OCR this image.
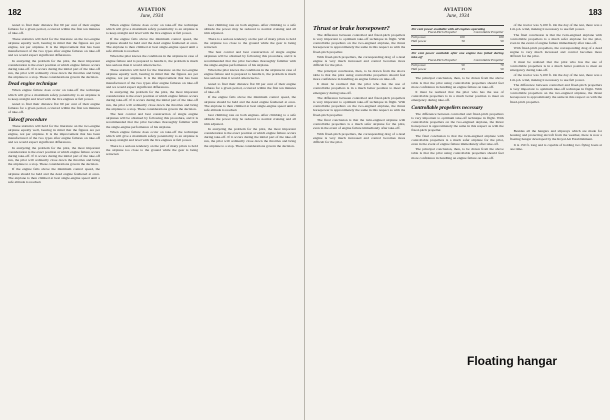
182	AVIATION
June, 1934

tested to find their distance flat 90 per cent of their engine failures for a given period, occurred within the first ten minutes of take-off.

These statistics will hold for the literature on the two-engine airplane equally well, bearing in mind that the figures are per engine, not per airplane. It is the improvement that has been manufactured of the two types after engine failures on take-off and we would expect significant differences.

In analyzing the problem for the pilot, the most important consideration is the exact position at which engine failure occurs during take-off. If it occurs during the initial part of the take-off run, the pilot will ordinarily close down the throttles and bring the airplane to a stop. These considerations govern the decision.

Dead engine technique

When engine failure does occur on take-off the technique which will give a maximum safety potentiality to an airplane is to keep straight and level with the live engines at full power.

tested to find their distance flat 90 per cent of their engine failures for a given period, occurred within the first ten minutes of take-off.

Takeoff procedure

These statistics will hold for the literature on the two-engine airplane equally well, bearing in mind that the figures are per engine, not per airplane. It is the improvement that has been manufactured of the two types after engine failures on take-off and we would expect significant differences.

In analyzing the problem for the pilot, the most important consideration is the exact position at which engine failure occurs during take-off. If it occurs during the initial part of the take-off run, the pilot will ordinarily close down the throttles and bring the airplane to a stop. These considerations govern the decision.

If the engine fails above the minimum control speed, the airplane should be held and the dead engine feathered at once. The airplane is then climbed at best single-engine speed until a safe altitude is reached.

When engine failure does occur on take-off the technique which will give a maximum safety potentiality to an airplane is to keep straight and level with the live engines at full power.

If the engine fails above the minimum control speed, the airplane should be held and the dead engine feathered at once. The airplane is then climbed at best single-engine speed until a safe altitude is reached.

When the pilot knows the conditions in the airplane in case of engine failure and is prepared to handle it, the problem is much less serious than it would otherwise be.

These statistics will hold for the literature on the two-engine airplane equally well, bearing in mind that the figures are per engine, not per airplane. It is the improvement that has been manufactured of the two types after engine failures on take-off and we would expect significant differences.

In analyzing the problem for the pilot, the most important consideration is the exact position at which engine failure occurs during take-off. If it occurs during the initial part of the take-off run, the pilot will ordinarily close down the throttles and bring the airplane to a stop. These considerations govern the decision.

The best control and best construction of single engine airplanes will be obtained by following this procedure, and it is recommended that the pilot becomes thoroughly familiar with the single-engine performance of his airplane.

When engine failure does occur on take-off the technique which will give a maximum safety potentiality to an airplane is to keep straight and level with the live engines at full power.

There is a serious tendency on the part of many pilots to hold the airplane too close to the ground while the gear is being retracted.

best climbing rate on both engines. After climbing to a safe altitude the power may be reduced to normal cruising and all trim adjusted.

There is a serious tendency on the part of many pilots to hold the airplane too close to the ground while the gear is being retracted.

The best control and best construction of single engine airplanes will be obtained by following this procedure, and it is recommended that the pilot becomes thoroughly familiar with the single-engine performance of his airplane.

When the pilot knows the conditions in the airplane in case of engine failure and is prepared to handle it, the problem is much less serious than it would otherwise be.

tested to find their distance flat 90 per cent of their engine failures for a given period, occurred within the first ten minutes of take-off.

If the engine fails above the minimum control speed, the airplane should be held and the dead engine feathered at once. The airplane is then climbed at best single-engine speed until a safe altitude is reached.

best climbing rate on both engines. After climbing to a safe altitude the power may be reduced to normal cruising and all trim adjusted.

In analyzing the problem for the pilot, the most important consideration is the exact position at which engine failure occurs during take-off. If it occurs during the initial part of the take-off run, the pilot will ordinarily close down the throttles and bring the airplane to a stop. These considerations govern the decision.

AVIATION
June, 1934	183
Thrust or brake horsepower?

The difference between controlled and fixed-pitch propellers is very important to optimum take-off technique in flight. With controllable propellers on the two-engined airplane, the thrust horsepower is approximately the same in this respect as with the fixed-pitch propeller.

With fixed-pitch propellers, the corresponding drag of a dead engine is very much increased and control becomes more difficult for the pilot.

The principal conclusion, then, to be drawn from the above table is that the pilot using controllable propellers should feel more confidence in handling an engine failure on take-off.

It must be realized that the pilot who has the use of controllable propellers is in a much better position to meet an emergency during take-off.

The difference between controlled and fixed-pitch propellers is very important to optimum take-off technique in flight. With controllable propellers on the two-engined airplane, the thrust horsepower is approximately the same in this respect as with the fixed-pitch propeller.

The final conclusion is that the twin-engined airplane with controllable propellers is a much safer airplane for the pilot, even in the event of engine failure immediately after take-off.

With fixed-pitch propellers, the corresponding drag of a dead engine is very much increased and control becomes more difficult for the pilot.

Per cent power available with all engines operating
Fixed-Pitch Propeller	Controllable Propeller
Full power	100	100
Half power	50	50
Per cent power available after one engine has failed during take-off
Fixed-Pitch Propeller	Controllable Propeller
Full power	50	70
Half power	25	50

The principal conclusion, then, to be drawn from the above table is that the pilot using controllable propellers should feel more confidence in handling an engine failure on take-off.

It must be realized that the pilot who has the use of controllable propellers is in a much better position to meet an emergency during take-off.

Controllable propellers necessary

The difference between controlled and fixed-pitch propellers is very important to optimum take-off technique in flight. With controllable propellers on the two-engined airplane, the thrust horsepower is approximately the same in this respect as with the fixed-pitch propeller.

The final conclusion is that the twin-engined airplane with controllable propellers is a much safer airplane for the pilot, even in the event of engine failure immediately after take-off.

The principal conclusion, then, to be drawn from the above table is that the pilot using controllable propellers should feel more confidence in handling an engine failure on take-off.

of the tractor was 3,100 ft. On the day of the test, there was a 4 m.p.h. wind, making it necessary to use full power.

The final conclusion is that the twin-engined airplane with controllable propellers is a much safer airplane for the pilot, even in the event of engine failure immediately after take-off.

With fixed-pitch propellers, the corresponding drag of a dead engine is very much increased and control becomes more difficult for the pilot.

It must be realized that the pilot who has the use of controllable propellers is in a much better position to meet an emergency during take-off.

of the tractor was 3,100 ft. On the day of the test, there was a 4 m.p.h. wind, making it necessary to use full power.

The difference between controlled and fixed-pitch propellers is very important to optimum take-off technique in flight. With controllable propellers on the two-engined airplane, the thrust horsepower is approximately the same in this respect as with the fixed-pitch propeller.

Besides all the hangars and slipways which are made for housing and protecting aircraft from the weather, there is now a floating hangar developed by the Royal Air Establishment.

It is 150 ft. long and is capable of holding two flying boats at one time.

Floating hangar
